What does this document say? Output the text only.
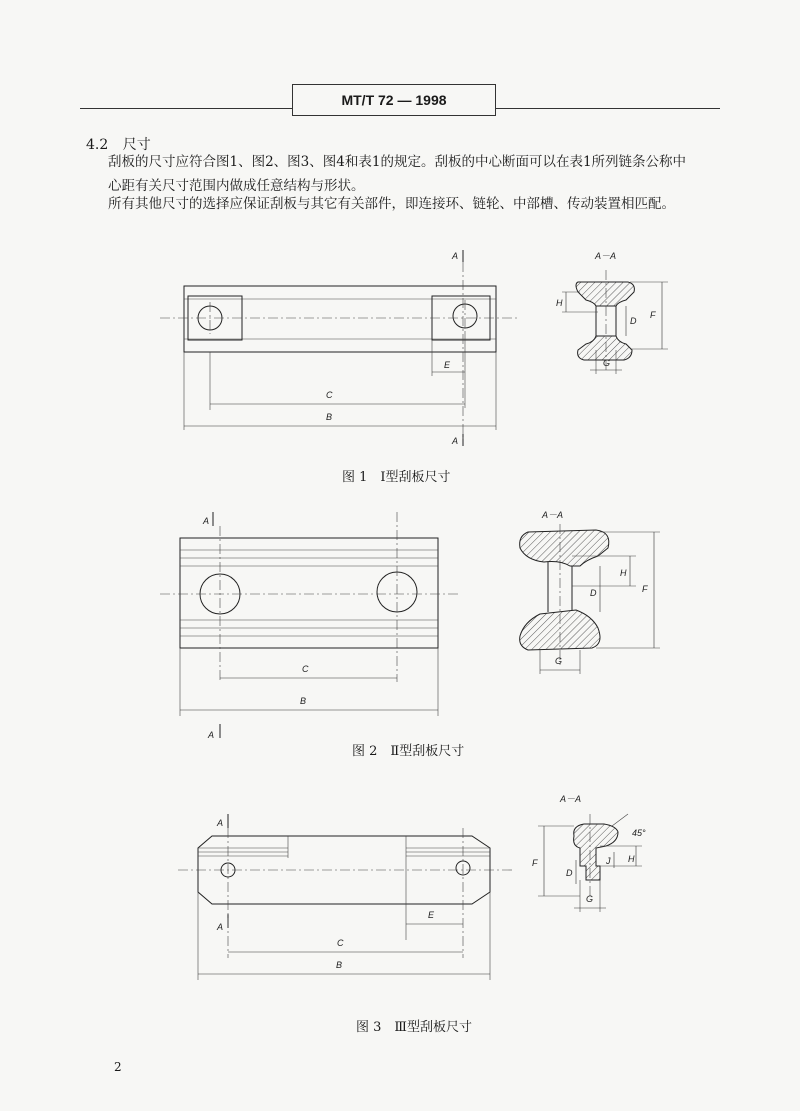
MT/T 72 — 1998
4.2 尺寸
刮板的尺寸应符合图1、图2、图3、图4和表1的规定。刮板的中心断面可以在表1所列链条公称中
心距有关尺寸范围内做成任意结构与形状。
所有其他尺寸的选择应保证刮板与其它有关部件，即连接环、链轮、中部槽、传动装置相匹配。
A
A
E
C
B
A－A
H
D
F
G
图 1　Ⅰ型刮板尺寸
A
A
C
B
A－A
H
D	F
G
图 2　Ⅱ型刮板尺寸
A
A
E
C
B
A－A
45°
F
D
J H
G
图 3　Ⅲ型刮板尺寸
2
